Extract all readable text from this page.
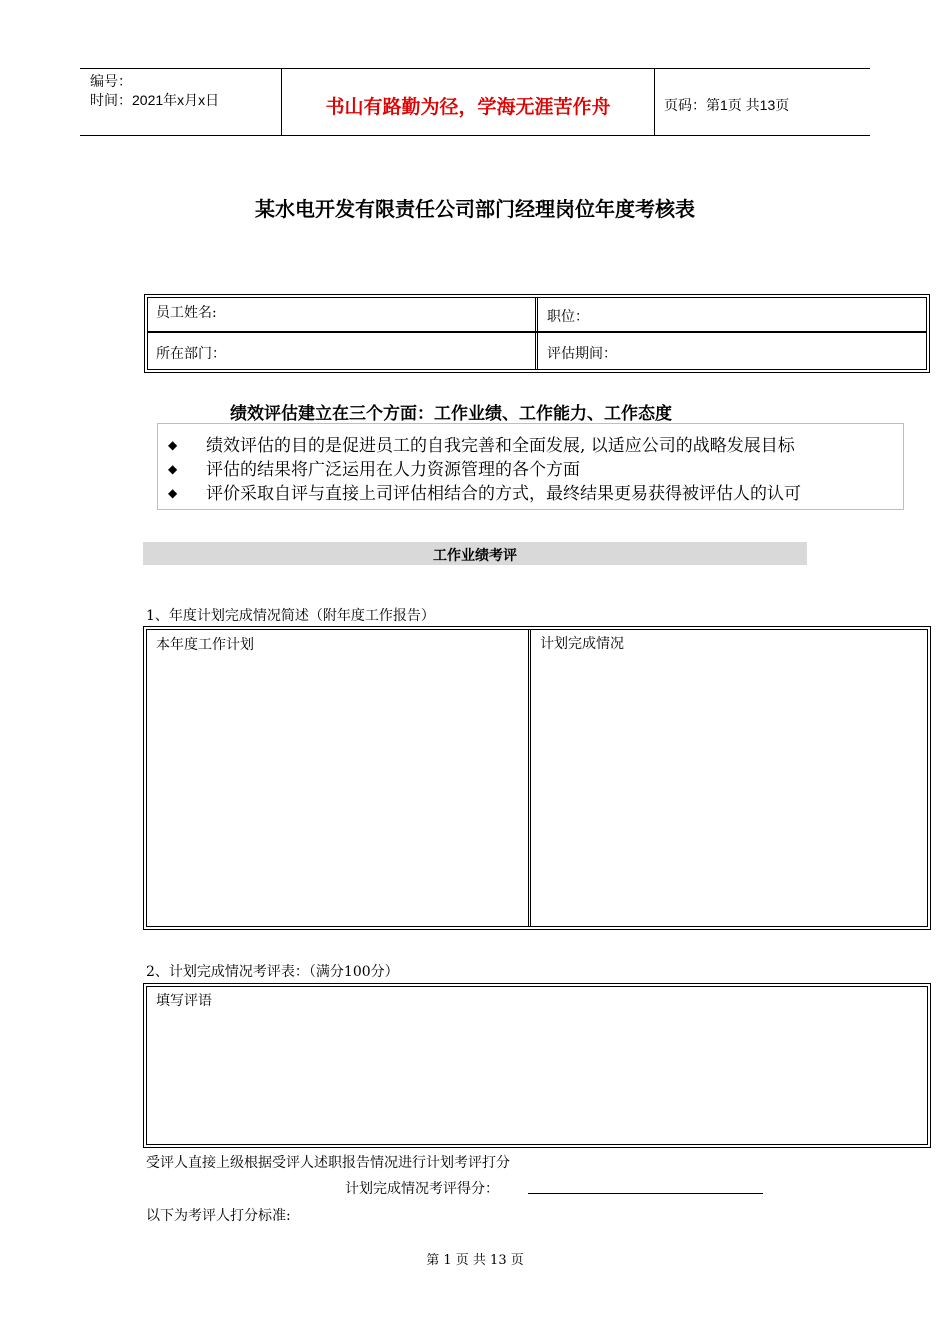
编号：
时间：2021年x月x日	书山有路勤为径，学海无涯苦作舟	页码：第1页 共13页
某水电开发有限责任公司部门经理岗位年度考核表
员工姓名:	职位：
所在部门：	评估期间：
绩效评估建立在三个方面：工作业绩、工作能力、工作态度
◆ 绩效评估的目的是促进员工的自我完善和全面发展, 以适应公司的战略发展目标
◆ 评估的结果将广泛运用在人力资源管理的各个方面
◆ 评价采取自评与直接上司评估相结合的方式，最终结果更易获得被评估人的认可
工作业绩考评
1、年度计划完成情况简述（附年度工作报告）
本年度工作计划	计划完成情况
2、计划完成情况考评表：（满分100分）
填写评语
受评人直接上级根据受评人述职报告情况进行计划考评打分
计划完成情况考评得分：
以下为考评人打分标准:
第 1 页 共 13 页
